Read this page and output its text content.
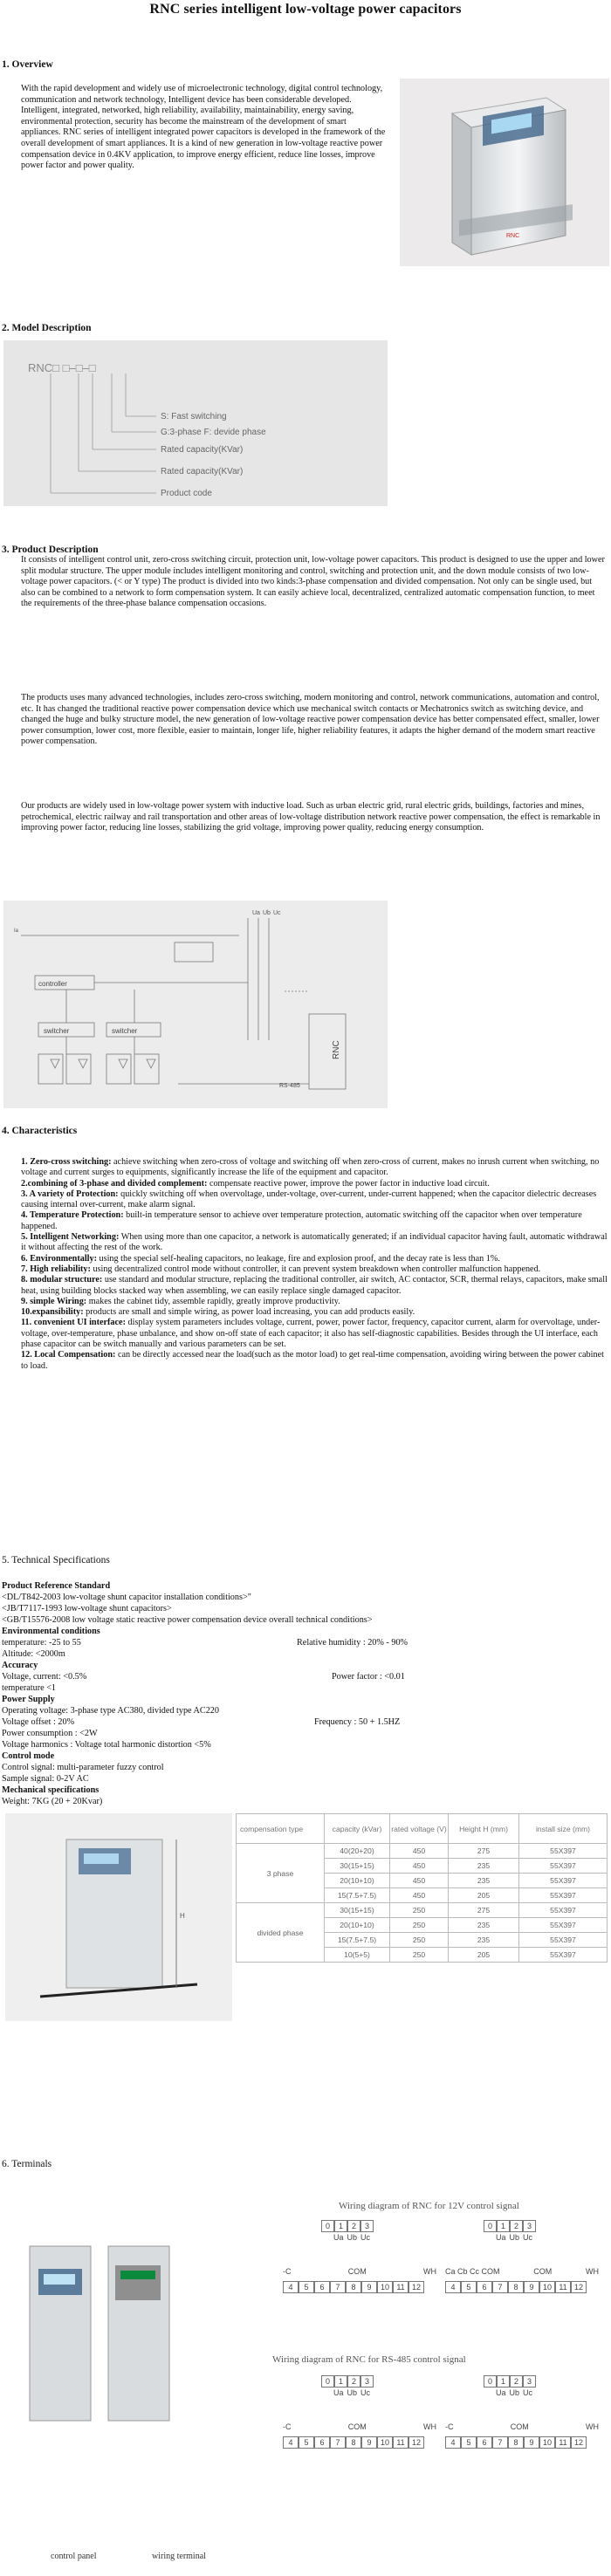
RNC series intelligent low-voltage power capacitors
1. Overview

With the rapid development and widely use of microelectronic technology, digital control technology, communication and network technology, Intelligent device has been considerable developed. Intelligent, integrated, networked, high reliability, availability, maintainability, energy saving, environmental protection, security has become the mainstream of the development of smart appliances. RNC series of intelligent integrated power capacitors is developed in the framework of the overall development of smart appliances. It is a kind of new generation in low-voltage reactive power compensation device in 0.4KV application, to improve energy efficient, reduce line losses, improve power factor and power quality.

RNC
2. Model Description
RNC□ □–□–□
S: Fast switching
G:3-phase F: devide phase
Rated capacity(KVar)
Rated capacity(KVar)
Product code
3. Product Description

It consists of intelligent control unit, zero-cross switching circuit, protection unit, low-voltage power capacitors. This product is designed to use the upper and lower split modular structure. The upper module includes intelligent monitoring and control, switching and protection unit, and the down module consists of two low-voltage power capacitors. (< or Y type) The product is divided into two kinds:3-phase compensation and divided compensation. Not only can be single used, but also can be combined to a network to form compensation system. It can easily achieve local, decentralized, centralized automatic compensation function, to meet the requirements of the three-phase balance compensation occasions.

The products uses many advanced technologies, includes zero-cross switching, modern monitoring and control, network communications, automation and control, etc. It has changed the traditional reactive power compensation device which use mechanical switch contacts or Mechatronics switch as switching device, and changed the huge and bulky structure model, the new generation of low-voltage reactive power compensation device has better compensated effect, smaller, lower power consumption, lower cost, more flexible, easier to maintain, longer life, higher reliability features, it adapts the higher demand of the modern smart reactive power compensation.

Our products are widely used in low-voltage power system with inductive load. Such as urban electric grid, rural electric grids, buildings, factories and mines, petrochemical, electric railway and rail transportation and other areas of low-voltage distribution network reactive power compensation, the effect is remarkable in improving power factor, reducing line losses, stabilizing the grid voltage, improving power quality, reducing energy consumption.

Ua Ub Uc
Ia
controller
switcher	switcher
RS-485
RNC
4. Characteristics
1. Zero-cross switching: achieve switching when zero-cross of voltage and switching off when zero-cross of current, makes no inrush current when switching, no voltage and current surges to equipments, significantly increase the life of the equipment and capacitor.
2.combining of 3-phase and divided complement: compensate reactive power, improve the power factor in inductive load circuit.
3. A variety of Protection: quickly switching off when overvoltage, under-voltage, over-current, under-current happened; when the capacitor dielectric decreases causing internal over-current, make alarm signal.
4. Temperature Protection: built-in temperature sensor to achieve over temperature protection, automatic switching off the capacitor when over temperature happened.
5. Intelligent Networking: When using more than one capacitor, a network is automatically generated; if an individual capacitor having fault, automatic withdrawal it without affecting the rest of the work.
6. Environmentally: using the special self-healing capacitors, no leakage, fire and explosion proof, and the decay rate is less than 1%.
7. High reliability: using decentralized control mode without controller, it can prevent system breakdown when controller malfunction happened.
8. modular structure: use standard and modular structure, replacing the traditional controller, air switch, AC contactor, SCR, thermal relays, capacitors, make small heat, using building blocks stacked way when assembling, we can easily replace single damaged capacitor.
9. simple Wiring: makes the cabinet tidy, assemble rapidly, greatly improve productivity.
10.expansibility: products are small and simple wiring, as power load increasing, you can add products easily.
11. convenient UI interface: display system parameters includes voltage, current, power, power factor, frequency, capacitor current, alarm for overvoltage, under-voltage, over-temperature, phase unbalance, and show on-off state of each capacitor; it also has self-diagnostic capabilities. Besides through the UI interface, each phase capacitor can be switch manually and various parameters can be set.
12. Local Compensation: can be directly accessed near the load(such as the motor load) to get real-time compensation, avoiding wiring between the power cabinet to load.
5. Technical Specifications
Product Reference Standard
<DL/T842-2003 low-voltage shunt capacitor installation conditions>"
<JB/T7117-1993 low-voltage shunt capacitors>
<GB/T15576-2008 low voltage static reactive power compensation device overall technical conditions>
Environmental conditions
temperature: -25 to 55	Relative humidity : 20% - 90%
Altitude: <2000m
Accuracy
Voltage, current: <0.5%	Power factor : <0.01
temperature <1
Power Supply
Operating voltage: 3-phase type AC380, divided type AC220
Voltage offset : 20%	Frequency : 50 + 1.5HZ
Power consumption : <2W
Voltage harmonics : Voltage total harmonic distortion <5%
Control mode
Control signal: multi-parameter fuzzy control
Sample signal: 0-2V AC
Mechanical specifications
Weight: 7KG (20 + 20Kvar)
H
compensation type	capacity (kVar)	rated voltage (V)	Height H (mm)	install size (mm)
3 phase	40(20+20)	450	275	55X397
	30(15+15)	450	235	55X397
	20(10+10)	450	235	55X397
	15(7.5+7.5)	450	205	55X397
divided phase	30(15+15)	250	275	55X397
	20(10+10)	250	235	55X397
	15(7.5+7.5)	250	235	55X397
	10(5+5)	250	205	55X397
6. Terminals
control panel	wiring terminal
Wiring diagram of RNC for 12V control signal
Wiring diagram of RNC for RS-485 control signal
0	1	2	3
Ua Ub Uc
-C	COM	WH
4	5	6	7	8	9	10 11 12
0	1	2	3
Ua Ub Uc
Ca Cb Cc COM	COM	WH
4	5	6	7	8	9	10 11 12
0	1	2	3
Ua Ub Uc
-C	COM	WH
4	5	6	7	8	9	10 11 12
0	1	2	3
Ua Ub Uc
-C	COM	WH
4	5	6	7	8	9	10 11 12
